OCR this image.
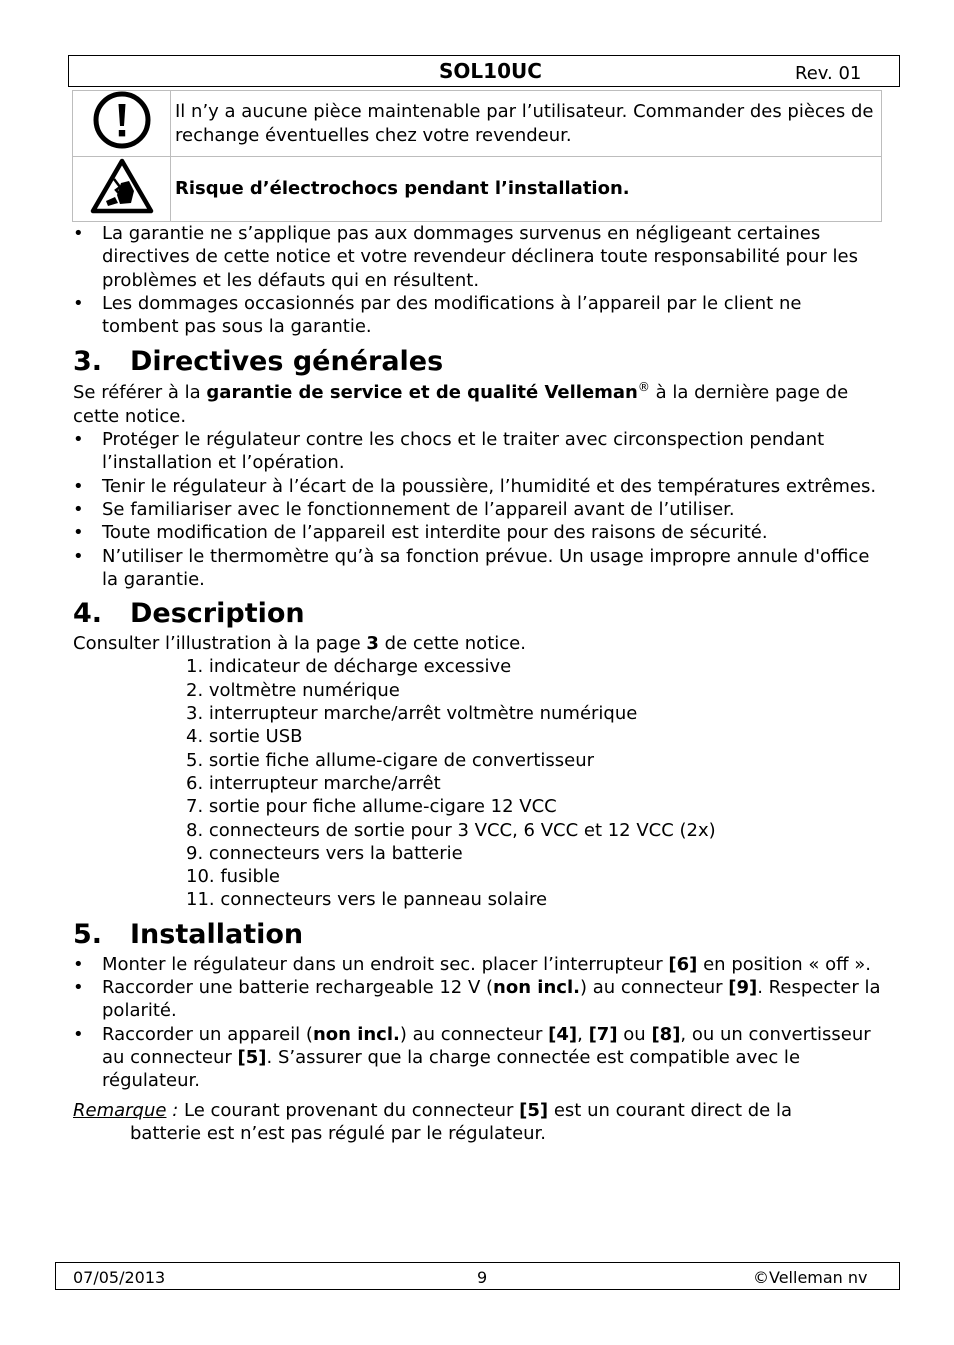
SOL10UC	Rev. 01
	Il n’y a aucune pièce maintenable par l’utilisateur. Commander des pièces de rechange éventuelles chez votre revendeur.
	Risque d’électrochocs pendant l’installation.
• La garantie ne s’applique pas aux dommages survenus en négligeant certaines directives de cette notice et votre revendeur déclinera toute responsabilité pour les problèmes et les défauts qui en résultent.
• Les dommages occasionnés par des modifications à l’appareil par le client ne tombent pas sous la garantie.
3. Directives générales

Se référer à la garantie de service et de qualité Velleman® à la dernière page de cette notice.

• Protéger le régulateur contre les chocs et le traiter avec circonspection pendant l’installation et l’opération.
• Tenir le régulateur à l’écart de la poussière, l’humidité et des températures extrêmes.
• Se familiariser avec le fonctionnement de l’appareil avant de l’utiliser.
• Toute modification de l’appareil est interdite pour des raisons de sécurité.
• N’utiliser le thermomètre qu’à sa fonction prévue. Un usage impropre annule d'office la garantie.
4. Description

Consulter l’illustration à la page 3 de cette notice.

1. indicateur de décharge excessive
2. voltmètre numérique
3. interrupteur marche/arrêt voltmètre numérique
4. sortie USB
5. sortie fiche allume-cigare de convertisseur
6. interrupteur marche/arrêt
7. sortie pour fiche allume-cigare 12 VCC
8. connecteurs de sortie pour 3 VCC, 6 VCC et 12 VCC (2x)
9. connecteurs vers la batterie
10. fusible
11. connecteurs vers le panneau solaire
5. Installation
• Monter le régulateur dans un endroit sec. placer l’interrupteur [6] en position « off ».
• Raccorder une batterie rechargeable 12 V (non incl.) au connecteur [9]. Respecter la polarité.
• Raccorder un appareil (non incl.) au connecteur [4], [7] ou [8], ou un convertisseur au connecteur [5]. S’assurer que la charge connectée est compatible avec le régulateur.

Remarque : Le courant provenant du connecteur [5] est un courant direct de la

batterie est n’est pas régulé par le régulateur.

07/05/2013	9	©Velleman nv
